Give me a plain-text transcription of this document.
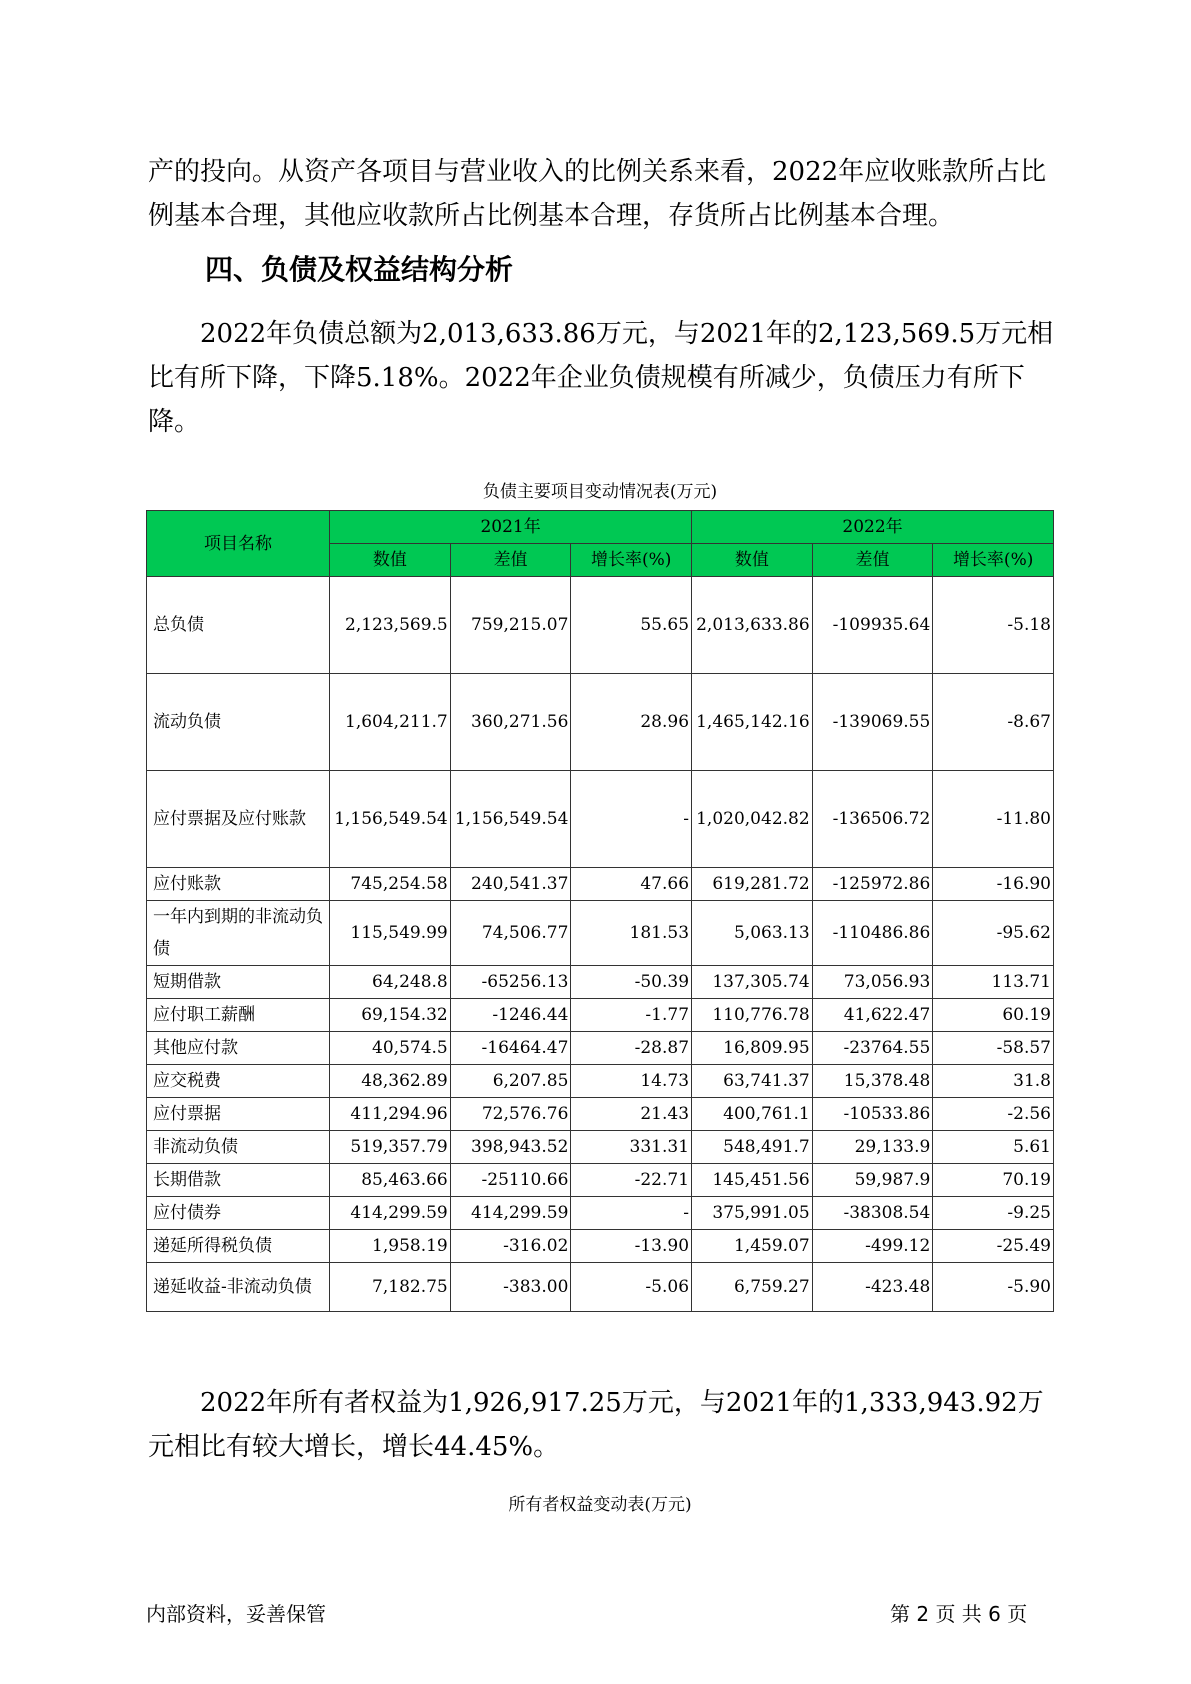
产的投向。从资产各项目与营业收入的比例关系来看，2022年应收账款所占比例基本合理，其他应收款所占比例基本合理，存货所占比例基本合理。

四、负债及权益结构分析

2022年负债总额为2,013,633.86万元，与2021年的2,123,569.5万元相比有所下降，下降5.18%。2022年企业负债规模有所减少，负债压力有所下降。

负债主要项目变动情况表(万元)

项目名称	2021年			2022年		
	数值	差值	增长率(%)	数值	差值	增长率(%)
总负债	2,123,569.5	759,215.07	55.65	2,013,633.86	-109935.64	-5.18
流动负债	1,604,211.7	360,271.56	28.96	1,465,142.16	-139069.55	-8.67
应付票据及应付账款	1,156,549.54	1,156,549.54	-	1,020,042.82	-136506.72	-11.80
应付账款	745,254.58	240,541.37	47.66	619,281.72	-125972.86	-16.90
一年内到期的非流动负债	115,549.99	74,506.77	181.53	5,063.13	-110486.86	-95.62
短期借款	64,248.8	-65256.13	-50.39	137,305.74	73,056.93	113.71
应付职工薪酬	69,154.32	-1246.44	-1.77	110,776.78	41,622.47	60.19
其他应付款	40,574.5	-16464.47	-28.87	16,809.95	-23764.55	-58.57
应交税费	48,362.89	6,207.85	14.73	63,741.37	15,378.48	31.8
应付票据	411,294.96	72,576.76	21.43	400,761.1	-10533.86	-2.56
非流动负债	519,357.79	398,943.52	331.31	548,491.7	29,133.9	5.61
长期借款	85,463.66	-25110.66	-22.71	145,451.56	59,987.9	70.19
应付债券	414,299.59	414,299.59	-	375,991.05	-38308.54	-9.25
递延所得税负债	1,958.19	-316.02	-13.90	1,459.07	-499.12	-25.49
递延收益-非流动负债	7,182.75	-383.00	-5.06	6,759.27	-423.48	-5.90

2022年所有者权益为1,926,917.25万元，与2021年的1,333,943.92万元相比有较大增长，增长44.45%。

所有者权益变动表(万元)

内部资料，妥善保管	第 2 页 共 6 页
